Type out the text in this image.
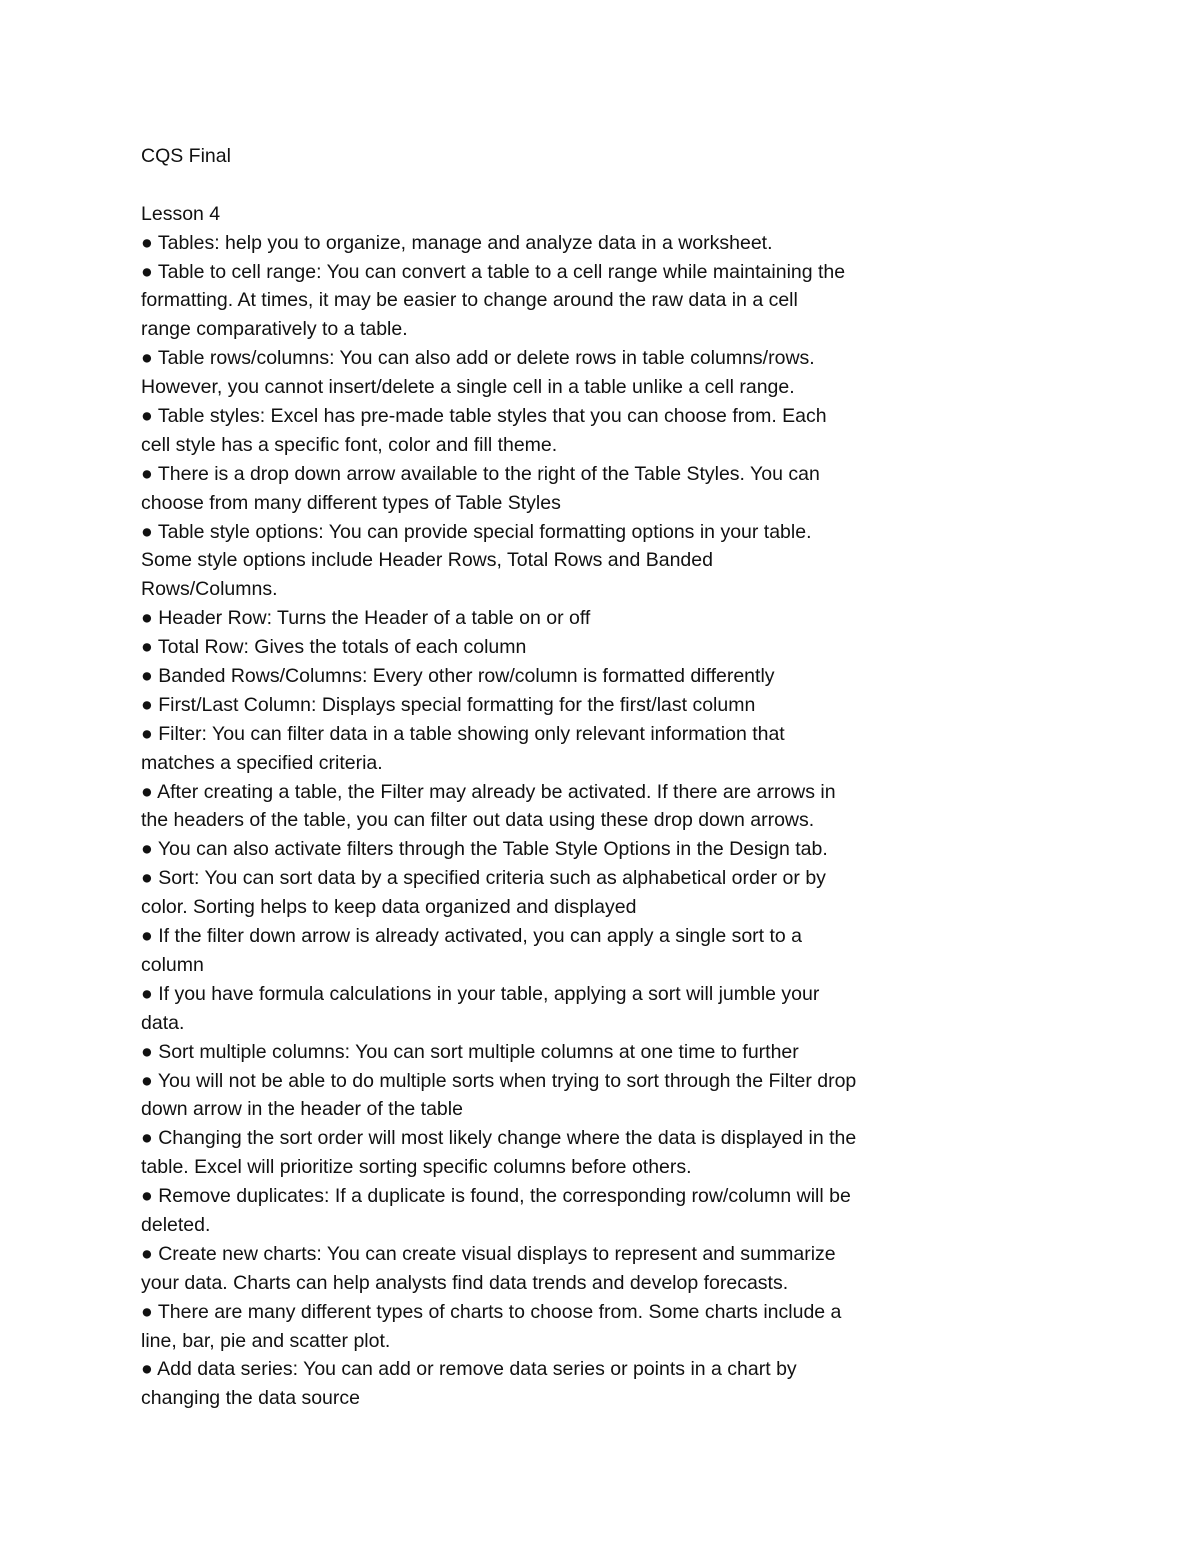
CQS Final
Lesson 4
● Tables: help you to organize, manage and analyze data in a worksheet.
● Table to cell range: You can convert a table to a cell range while maintaining the
formatting. At times, it may be easier to change around the raw data in a cell
range comparatively to a table.
● Table rows/columns: You can also add or delete rows in table columns/rows.
However, you cannot insert/delete a single cell in a table unlike a cell range.
● Table styles: Excel has pre-made table styles that you can choose from. Each
cell style has a specific font, color and fill theme.
● There is a drop down arrow available to the right of the Table Styles. You can
choose from many different types of Table Styles
● Table style options: You can provide special formatting options in your table.
Some style options include Header Rows, Total Rows and Banded
Rows/Columns.
● Header Row: Turns the Header of a table on or off
● Total Row: Gives the totals of each column
● Banded Rows/Columns: Every other row/column is formatted differently
● First/Last Column: Displays special formatting for the first/last column
● Filter: You can filter data in a table showing only relevant information that
matches a specified criteria.
● After creating a table, the Filter may already be activated. If there are arrows in
the headers of the table, you can filter out data using these drop down arrows.
● You can also activate filters through the Table Style Options in the Design tab.
● Sort: You can sort data by a specified criteria such as alphabetical order or by
color. Sorting helps to keep data organized and displayed
● If the filter down arrow is already activated, you can apply a single sort to a
column
● If you have formula calculations in your table, applying a sort will jumble your
data.
● Sort multiple columns: You can sort multiple columns at one time to further
● You will not be able to do multiple sorts when trying to sort through the Filter drop
down arrow in the header of the table
● Changing the sort order will most likely change where the data is displayed in the
table. Excel will prioritize sorting specific columns before others.
● Remove duplicates: If a duplicate is found, the corresponding row/column will be
deleted.
● Create new charts: You can create visual displays to represent and summarize
your data. Charts can help analysts find data trends and develop forecasts.
● There are many different types of charts to choose from. Some charts include a
line, bar, pie and scatter plot.
● Add data series: You can add or remove data series or points in a chart by
changing the data source
